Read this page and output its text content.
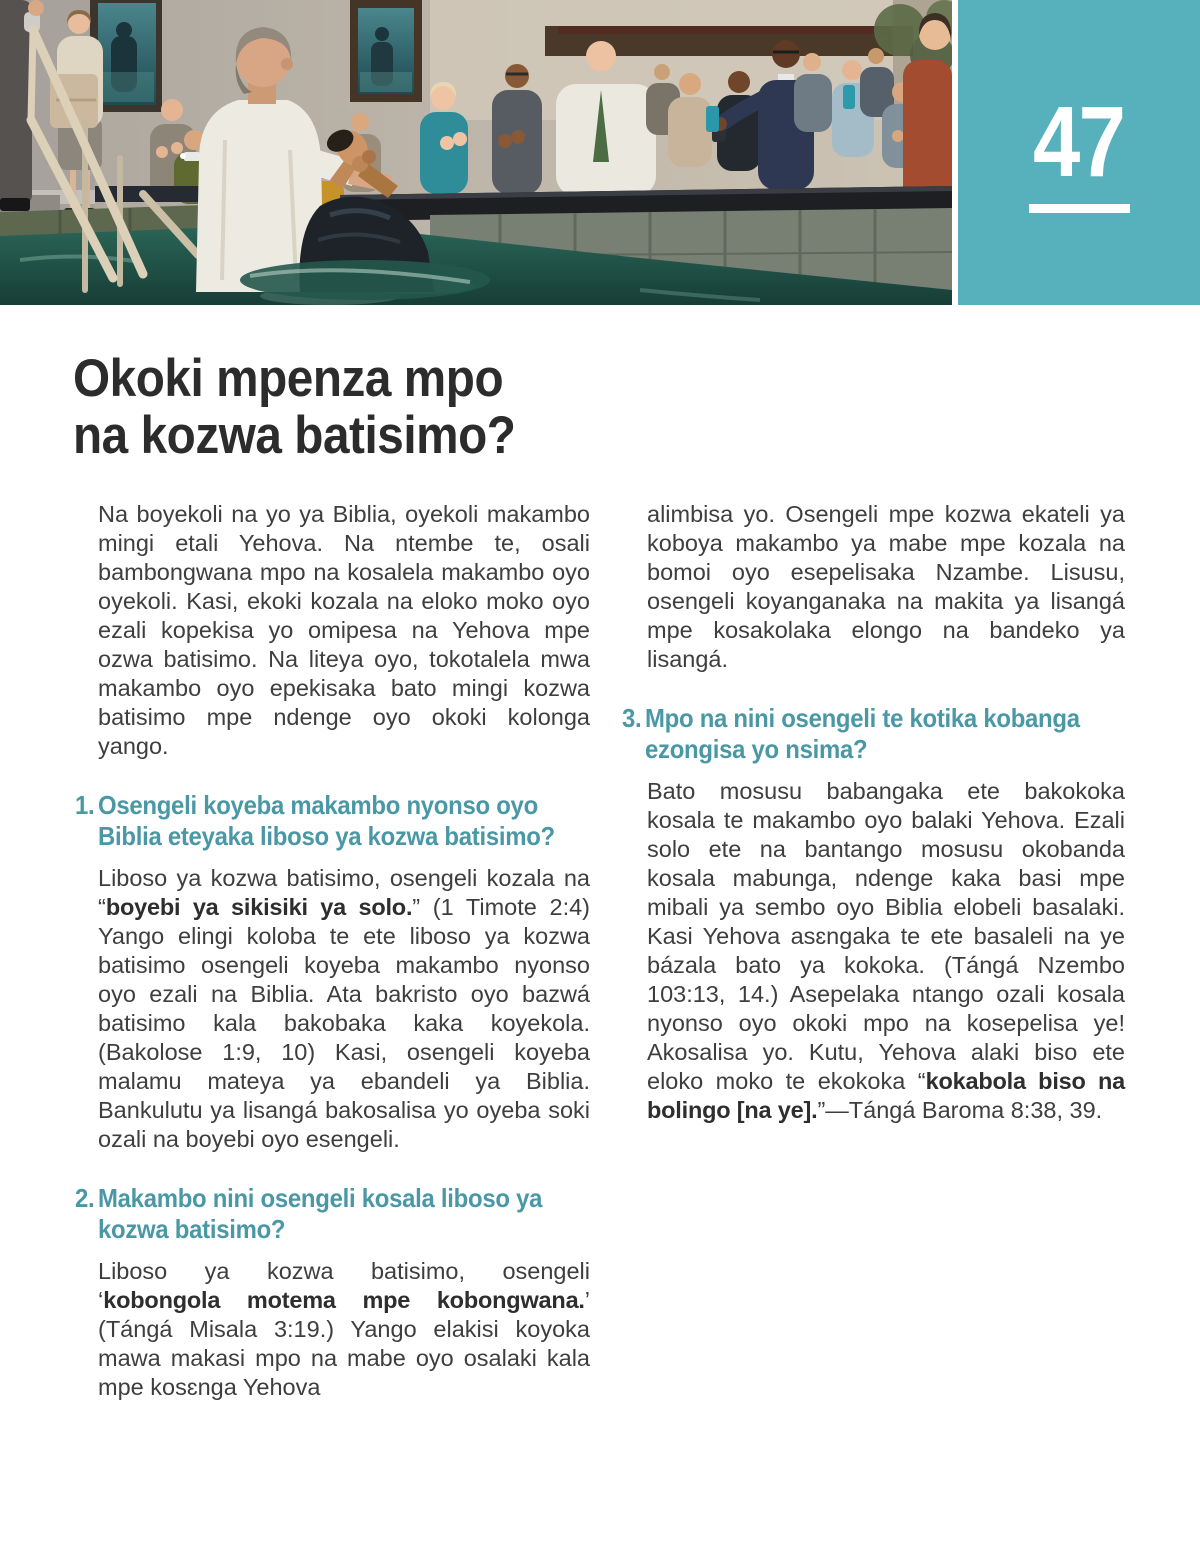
47
Okoki mpenza mpo
na kozwa batisimo?

Na boyekoli na yo ya Biblia, oyekoli makambo mingi etali Yehova. Na ntembe te, osali bambongwana mpo na kosalela makambo oyo oyekoli. Kasi, ekoki kozala na eloko moko oyo ezali kopekisa yo omipesa na Yehova mpe ozwa batisimo. Na liteya oyo, tokotalela mwa makambo oyo epekisaka bato mingi kozwa batisimo mpe ndenge oyo okoki kolonga yango.

1. Osengeli koyeba makambo nyonso oyo Biblia eteyaka liboso ya kozwa batisimo?

Liboso ya kozwa batisimo, osengeli kozala na “boyebi ya sikisiki ya solo.” (1 Timote 2:4) Yango elingi koloba te ete liboso ya kozwa batisimo osengeli koyeba makambo nyonso oyo ezali na Biblia. Ata bakristo oyo bazwá batisimo kala bakobaka kaka koyekola. (Bakolose 1:9, 10) Kasi, osengeli koyeba malamu mateya ya ebandeli ya Biblia. Bankulutu ya lisangá bakosalisa yo oyeba soki ozali na boyebi oyo esengeli.

2. Makambo nini osengeli kosala liboso ya kozwa batisimo?

Liboso ya kozwa batisimo, osengeli ‘kobongola motema mpe kobongwana.’ (Tángá Misala 3:19.) Yango elakisi koyoka mawa makasi mpo na mabe oyo osalaki kala mpe kosɛnga Yehova

alimbisa yo. Osengeli mpe kozwa ekateli ya koboya makambo ya mabe mpe kozala na bomoi oyo esepelisaka Nzambe. Lisusu, osengeli koyanganaka na makita ya lisangá mpe kosakolaka elongo na bandeko ya lisangá.

3. Mpo na nini osengeli te kotika kobanga ezongisa yo nsima?

Bato mosusu babangaka ete bakokoka kosala te makambo oyo balaki Yehova. Ezali solo ete na bantango mosusu okobanda kosala mabunga, ndenge kaka basi mpe mibali ya sembo oyo Biblia elobeli basalaki. Kasi Yehova asɛngaka te ete basaleli na ye bázala bato ya kokoka. (Tángá Nzembo 103:13, 14.) Asepelaka ntango ozali kosala nyonso oyo okoki mpo na kosepelisa ye! Akosalisa yo. Kutu, Yehova alaki biso ete eloko moko te ekokoka “kokabola biso na bolingo [na ye].”—Tángá Baroma 8:38, 39.
